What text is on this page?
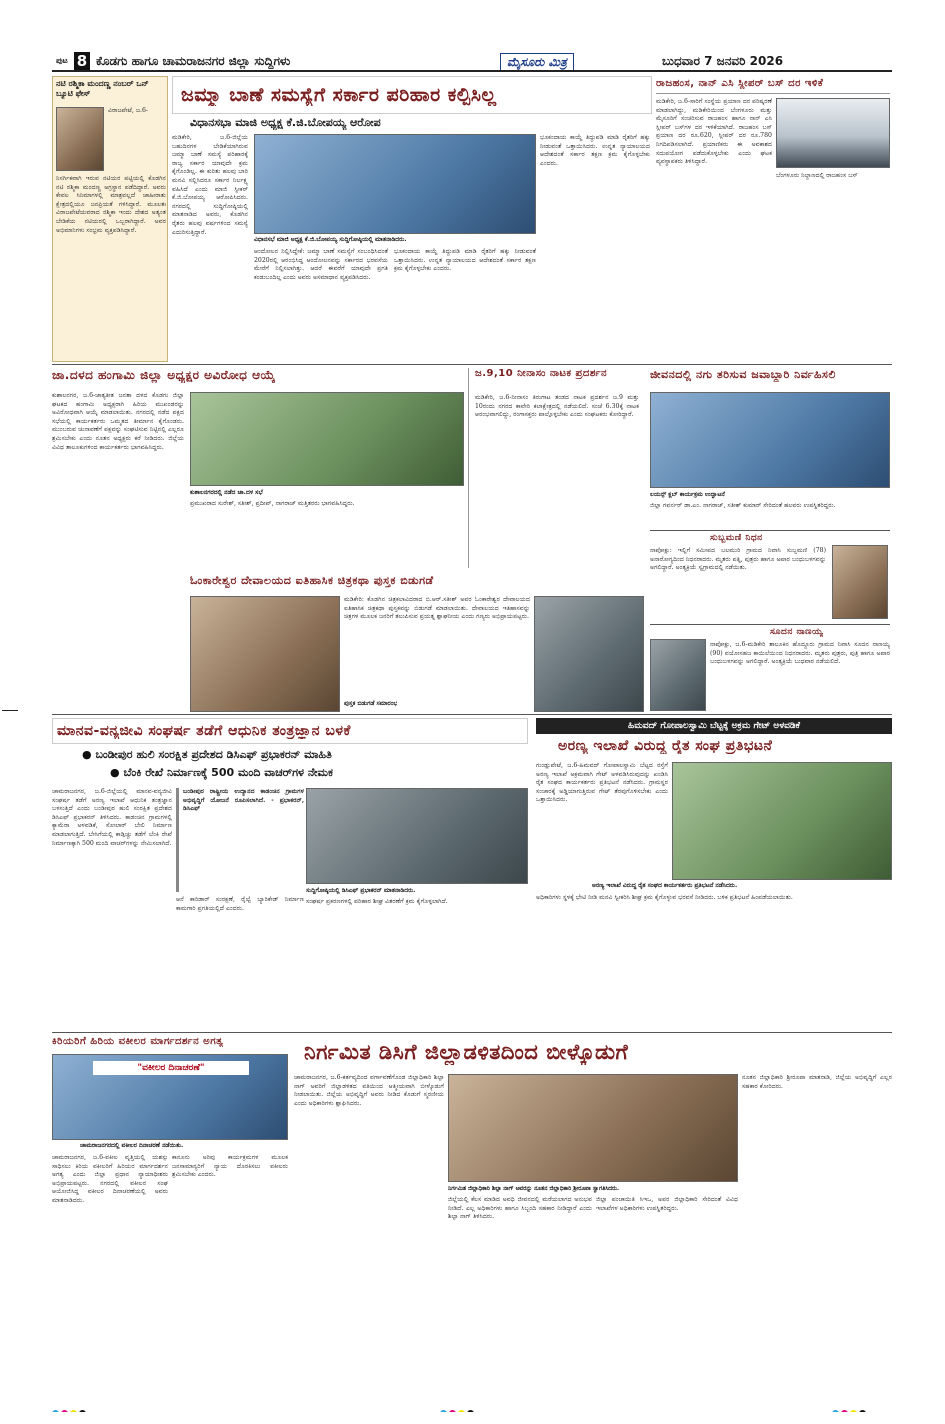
ಪುಟ 8 ಕೊಡಗು ಹಾಗೂ ಚಾಮರಾಜನಗರ ಜಿಲ್ಲಾ ಸುದ್ದಿಗಳು	ಮೈಸೂರು ಮಿತ್ರ	ಬುಧವಾರ 7 ಜನವರಿ 2026
ನಟಿ ರಶ್ಮಿಕಾ ಮಂದಣ್ಣ ನಂಬರ್ ಒನ್ ಬ್ಯೂಟಿ ಫೇಸ್
ವಿರಾಜಪೇಟೆ, ಜ.6-
ನಿಸರ್ಗಿಕವಾಗಿ ಇರುವ ನಟಿಯರ ಪಟ್ಟಿಯಲ್ಲಿ ಕೊಡಗಿನ ನಟಿ ರಶ್ಮಿಕಾ ಮಂದಣ್ಣ ಅಗ್ರಸ್ಥಾನ ಪಡೆದಿದ್ದಾರೆ. ಅವರು ಕೇವಲ ಸಿನಿಮಾಗಳಲ್ಲಿ ಮಾತ್ರವಲ್ಲದೆ ಜಾಹೀರಾತು ಕ್ಷೇತ್ರದಲ್ಲಿಯೂ ಜನಪ್ರಿಯತೆ ಗಳಿಸಿದ್ದಾರೆ. ಮೂಲತಃ ವಿರಾಜಪೇಟೆಯವರಾದ ರಶ್ಮಿಕಾ ಇಂದು ದೇಶದ ಅತ್ಯಂತ ಬೇಡಿಕೆಯ ನಟಿಯರಲ್ಲಿ ಒಬ್ಬರಾಗಿದ್ದಾರೆ. ಅವರ ಅಭಿಮಾನಿಗಳು ಸಂಭ್ರಮ ವ್ಯಕ್ತಪಡಿಸಿದ್ದಾರೆ.
ಜಮ್ಮಾ ಬಾಣೆ ಸಮಸ್ಯೆಗೆ ಸರ್ಕಾರ ಪರಿಹಾರ ಕಲ್ಪಿಸಿಲ್ಲ
ವಿಧಾನಸಭಾ ಮಾಜಿ ಅಧ್ಯಕ್ಷ ಕೆ.ಜಿ.ಬೋಪಯ್ಯ ಆರೋಪ
ಮಡಿಕೇರಿ, ಜ.6-ಜಿಲ್ಲೆಯ ಬಹುದಿನಗಳ ಬೇಡಿಕೆಯಾಗಿರುವ ಜಮ್ಮಾ ಬಾಣೆ ಸಮಸ್ಯೆ ಪರಿಹಾರಕ್ಕೆ ರಾಜ್ಯ ಸರ್ಕಾರ ಯಾವುದೇ ಕ್ರಮ ಕೈಗೊಂಡಿಲ್ಲ. ಈ ಕುರಿತು ಹಲವು ಬಾರಿ ಮನವಿ ಸಲ್ಲಿಸಿದರೂ ಸರ್ಕಾರ ನಿರ್ಲಕ್ಷ್ಯ ವಹಿಸಿದೆ ಎಂದು ಮಾಜಿ ಸ್ಪೀಕರ್ ಕೆ.ಜಿ.ಬೋಪಯ್ಯ ಆರೋಪಿಸಿದರು. ನಗರದಲ್ಲಿ ಸುದ್ದಿಗೋಷ್ಠಿಯಲ್ಲಿ ಮಾತನಾಡಿದ ಅವರು, ಕೊಡಗಿನ ರೈತರು ಹಲವು ವರ್ಷಗಳಿಂದ ಸಮಸ್ಯೆ ಎದುರಿಸುತ್ತಿದ್ದಾರೆ.
ವಿಧಾನಸಭೆ ಮಾಜಿ ಅಧ್ಯಕ್ಷ ಕೆ.ಜಿ.ಬೋಪಯ್ಯ ಸುದ್ದಿಗೋಷ್ಠಿಯಲ್ಲಿ ಮಾತನಾಡಿದರು.
ಆಂದೋಲನ ನಿಲ್ಲಿಸಿದ್ದೇಕೆ: ಜಮ್ಮಾ ಬಾಣೆ ಸಮಸ್ಯೆಗೆ ಸಂಬಂಧಿಸಿದಂತೆ 2020ರಲ್ಲಿ ಆರಂಭಿಸಿದ್ದ ಆಂದೋಲನವನ್ನು ಸರ್ಕಾರದ ಭರವಸೆಯ ಮೇರೆಗೆ ನಿಲ್ಲಿಸಲಾಗಿತ್ತು. ಆದರೆ ಈವರೆಗೆ ಯಾವುದೇ ಪ್ರಗತಿ ಕಂಡುಬಂದಿಲ್ಲ ಎಂದು ಅವರು ಅಸಮಾಧಾನ ವ್ಯಕ್ತಪಡಿಸಿದರು.
ಭೂಕಂದಾಯ ಕಾಯ್ದೆ ತಿದ್ದುಪಡಿ ಮಾಡಿ ರೈತರಿಗೆ ಹಕ್ಕು ನೀಡುವಂತೆ ಒತ್ತಾಯಿಸಿದರು. ಉನ್ನತ ನ್ಯಾಯಾಲಯದ ಆದೇಶದಂತೆ ಸರ್ಕಾರ ತಕ್ಷಣ ಕ್ರಮ ಕೈಗೊಳ್ಳಬೇಕು ಎಂದರು.
ಭೂಕಂದಾಯ ಕಾಯ್ದೆ ತಿದ್ದುಪಡಿ ಮಾಡಿ ರೈತರಿಗೆ ಹಕ್ಕು ನೀಡುವಂತೆ ಒತ್ತಾಯಿಸಿದರು. ಉನ್ನತ ನ್ಯಾಯಾಲಯದ ಆದೇಶದಂತೆ ಸರ್ಕಾರ ತಕ್ಷಣ ಕ್ರಮ ಕೈಗೊಳ್ಳಬೇಕು ಎಂದರು.
ರಾಜಹಂಸ, ನಾನ್ ಎಸಿ ಸ್ಲೀಪರ್ ಬಸ್ ದರ ಇಳಿಕೆ
ಮಡಿಕೇರಿ, ಜ.6-ಸಾರಿಗೆ ಸಂಸ್ಥೆಯ ಪ್ರಯಾಣ ದರ ಪರಿಷ್ಕರಣೆ ಮಾಡಲಾಗಿದ್ದು, ಮಡಿಕೇರಿಯಿಂದ ಬೆಂಗಳೂರು ಮತ್ತು ಮೈಸೂರಿಗೆ ಸಂಚರಿಸುವ ರಾಜಹಂಸ ಹಾಗೂ ನಾನ್ ಎಸಿ ಸ್ಲೀಪರ್ ಬಸ್‌ಗಳ ದರ ಇಳಿಕೆಯಾಗಿದೆ. ರಾಜಹಂಸ ಬಸ್ ಪ್ರಯಾಣ ದರ ರೂ.620, ಸ್ಲೀಪರ್ ದರ ರೂ.780 ನಿಗದಿಪಡಿಸಲಾಗಿದೆ. ಪ್ರಯಾಣಿಕರು ಈ ಅವಕಾಶದ ಸದುಪಯೋಗ ಪಡೆದುಕೊಳ್ಳಬೇಕು ಎಂದು ಘಟಕ ವ್ಯವಸ್ಥಾಪಕರು ತಿಳಿಸಿದ್ದಾರೆ.
ಬೆಂಗಳೂರು ನಿಲ್ದಾಣದಲ್ಲಿ ರಾಜಹಂಸ ಬಸ್
ಜಾ.ದಳದ ಹಂಗಾಮಿ ಜಿಲ್ಲಾ ಅಧ್ಯಕ್ಷರ ಅವಿರೋಧ ಆಯ್ಕೆ
ಕುಶಾಲನಗರ, ಜ.6-ಜಾತ್ಯತೀತ ಜನತಾ ದಳದ ಕೊಡಗು ಜಿಲ್ಲಾ ಘಟಕದ ಹಂಗಾಮಿ ಅಧ್ಯಕ್ಷರಾಗಿ ಹಿರಿಯ ಮುಖಂಡರನ್ನು ಅವಿರೋಧವಾಗಿ ಆಯ್ಕೆ ಮಾಡಲಾಯಿತು. ನಗರದಲ್ಲಿ ನಡೆದ ಪಕ್ಷದ ಸಭೆಯಲ್ಲಿ ಕಾರ್ಯಕರ್ತರು ಒಮ್ಮತದ ತೀರ್ಮಾನ ಕೈಗೊಂಡರು. ಮುಂಬರುವ ಚುನಾವಣೆಗೆ ಪಕ್ಷವನ್ನು ಸಂಘಟಿಸುವ ನಿಟ್ಟಿನಲ್ಲಿ ಎಲ್ಲರೂ ಶ್ರಮಿಸಬೇಕು ಎಂದು ನೂತನ ಅಧ್ಯಕ್ಷರು ಕರೆ ನೀಡಿದರು. ಜಿಲ್ಲೆಯ ವಿವಿಧ ತಾಲೂಕುಗಳಿಂದ ಕಾರ್ಯಕರ್ತರು ಭಾಗವಹಿಸಿದ್ದರು.
ಕುಶಾಲನಗರದಲ್ಲಿ ನಡೆದ ಜಾ.ದಳ ಸಭೆ
ಪ್ರಮುಖರಾದ ಸುರೇಶ್, ಸತೀಶ್, ಪ್ರದೀಪ್, ನಾಗರಾಜ್ ಮತ್ತಿತರರು ಭಾಗವಹಿಸಿದ್ದರು.
ಜ.9,10 ನೀನಾಸಂ ನಾಟಕ ಪ್ರದರ್ಶನ
ಮಡಿಕೇರಿ, ಜ.6-ನೀನಾಸಂ ತಿರುಗಾಟ ತಂಡದ ನಾಟಕ ಪ್ರದರ್ಶನ ಜ.9 ಮತ್ತು 10ರಂದು ನಗರದ ಕಾವೇರಿ ಕಲಾಕ್ಷೇತ್ರದಲ್ಲಿ ನಡೆಯಲಿದೆ. ಸಂಜೆ 6.30ಕ್ಕೆ ನಾಟಕ ಆರಂಭವಾಗಲಿದ್ದು, ರಂಗಾಸಕ್ತರು ಪಾಲ್ಗೊಳ್ಳಬೇಕು ಎಂದು ಸಂಘಟಕರು ಕೋರಿದ್ದಾರೆ.
ಜೀವನದಲ್ಲಿ ನಗು ತರಿಸುವ ಜವಾಬ್ದಾರಿ ನಿರ್ವಹಿಸಲಿ
ಲಯನ್ಸ್ ಕ್ಲಬ್ ಕಾರ್ಯಕ್ರಮ ಉದ್ಘಾಟನೆ
ಜಿಲ್ಲಾ ಗವರ್ನರ್ ಡಾ.ಎಂ. ನಾಗರಾಜ್, ಸತೀಶ್ ಕುಮಾರ್ ಸೇರಿದಂತೆ ಹಲವರು ಉಪಸ್ಥಿತರಿದ್ದರು.
ಸುಬ್ಬಮಣಿ ನಿಧನ
ನಾಪೋಕ್ಲು: ಇಲ್ಲಿಗೆ ಸಮೀಪದ ಬಲಮುರಿ ಗ್ರಾಮದ ನಿವಾಸಿ ಸುಬ್ಬಮಣಿ (78) ಅನಾರೋಗ್ಯದಿಂದ ನಿಧನರಾದರು. ಮೃತರು ಪತ್ನಿ, ಪುತ್ರರು ಹಾಗೂ ಅಪಾರ ಬಂಧುಬಳಗವನ್ನು ಅಗಲಿದ್ದಾರೆ. ಅಂತ್ಯಕ್ರಿಯೆ ಸ್ವಗ್ರಾಮದಲ್ಲಿ ನಡೆಯಿತು.
ಸೂದನ ನಾಣಯ್ಯ
ನಾಪೋಕ್ಲು, ಜ.6-ಮಡಿಕೇರಿ ತಾಲೂಕಿನ ಹೊದ್ದೂರು ಗ್ರಾಮದ ನಿವಾಸಿ ಸೂದನ ನಾಣಯ್ಯ (90) ವಯೋಸಹಜ ಕಾಯಿಲೆಯಿಂದ ನಿಧನರಾದರು. ಮೃತರು ಪುತ್ರರು, ಪುತ್ರಿ ಹಾಗೂ ಅಪಾರ ಬಂಧುಬಳಗವನ್ನು ಅಗಲಿದ್ದಾರೆ. ಅಂತ್ಯಕ್ರಿಯೆ ಬುಧವಾರ ನಡೆಯಲಿದೆ.
ಓಂಕಾರೇಶ್ವರ ದೇವಾಲಯದ ಐತಿಹಾಸಿಕ ಚಿತ್ರಕಥಾ ಪುಸ್ತಕ ಬಿಡುಗಡೆ
ಮಡಿಕೇರಿ: ಕೊಡಗಿನ ಚಿತ್ರಕಲಾವಿದರಾದ ಬಿ.ಆರ್.ಸತೀಶ್ ಅವರ ಓಂಕಾರೇಶ್ವರ ದೇವಾಲಯದ ಐತಿಹಾಸಿಕ ಚಿತ್ರಕಥಾ ಪುಸ್ತಕವನ್ನು ಬಿಡುಗಡೆ ಮಾಡಲಾಯಿತು. ದೇವಾಲಯದ ಇತಿಹಾಸವನ್ನು ಚಿತ್ರಗಳ ಮೂಲಕ ಜನರಿಗೆ ತಲುಪಿಸುವ ಪ್ರಯತ್ನ ಶ್ಲಾಘನೀಯ ಎಂದು ಗಣ್ಯರು ಅಭಿಪ್ರಾಯಪಟ್ಟರು.
ಪುಸ್ತಕ ಬಿಡುಗಡೆ ಸಮಾರಂಭ
ಮಾನವ-ವನ್ಯಜೀವಿ ಸಂಘರ್ಷ ತಡೆಗೆ ಆಧುನಿಕ ತಂತ್ರಜ್ಞಾನ ಬಳಕೆ
● ಬಂಡೀಪುರ ಹುಲಿ ಸಂರಕ್ಷಿತ ಪ್ರದೇಶದ ಡಿಸಿಎಫ್ ಪ್ರಭಾಕರನ್ ಮಾಹಿತಿ
● ಬೆಂಕಿ ರೇಖೆ ನಿರ್ಮಾಣಕ್ಕೆ 500 ಮಂದಿ ವಾಚರ್‌ಗಳ ನೇಮಕ
ಚಾಮರಾಜನಗರ, ಜ.6-ಜಿಲ್ಲೆಯಲ್ಲಿ ಮಾನವ-ವನ್ಯಜೀವಿ ಸಂಘರ್ಷ ತಡೆಗೆ ಅರಣ್ಯ ಇಲಾಖೆ ಆಧುನಿಕ ತಂತ್ರಜ್ಞಾನ ಬಳಸುತ್ತಿದೆ ಎಂದು ಬಂಡೀಪುರ ಹುಲಿ ಸಂರಕ್ಷಿತ ಪ್ರದೇಶದ ಡಿಸಿಎಫ್ ಪ್ರಭಾಕರನ್ ತಿಳಿಸಿದರು. ಕಾಡಂಚಿನ ಗ್ರಾಮಗಳಲ್ಲಿ ಕ್ಯಾಮೆರಾ ಅಳವಡಿಕೆ, ಸೋಲಾರ್ ಬೇಲಿ ನಿರ್ಮಾಣ ಮಾಡಲಾಗುತ್ತಿದೆ. ಬೇಸಿಗೆಯಲ್ಲಿ ಕಾಡ್ಗಿಚ್ಚು ತಡೆಗೆ ಬೆಂಕಿ ರೇಖೆ ನಿರ್ಮಾಣಕ್ಕಾಗಿ 500 ಮಂದಿ ವಾಚರ್‌ಗಳನ್ನು ನೇಮಿಸಲಾಗಿದೆ.
ಬಂಡೀಪುರ ರಾಷ್ಟ್ರೀಯ ಉದ್ಯಾನದ ಕಾಡಂಚಿನ ಗ್ರಾಮಗಳ ಅಭಿವೃದ್ಧಿಗೆ ಯೋಜನೆ ರೂಪಿಸಲಾಗಿದೆ. - ಪ್ರಭಾಕರನ್, ಡಿಸಿಎಫ್
ಸುದ್ದಿಗೋಷ್ಠಿಯಲ್ಲಿ ಡಿಸಿಎಫ್ ಪ್ರಭಾಕರನ್ ಮಾತನಾಡಿದರು.
ಆನೆ ಕಾರಿಡಾರ್ ಸಂರಕ್ಷಣೆ, ರೈಲ್ವೆ ಬ್ಯಾರಿಕೇಡ್ ನಿರ್ಮಾಣ ಕಾಮಗಾರಿ ಪ್ರಗತಿಯಲ್ಲಿದೆ ಎಂದರು.
ಸಂಘರ್ಷ ಪ್ರಕರಣಗಳಲ್ಲಿ ಪರಿಹಾರ ಶೀಘ್ರ ವಿತರಣೆಗೆ ಕ್ರಮ ಕೈಗೊಳ್ಳಲಾಗಿದೆ.
ಹಿಮವದ್ ಗೋಪಾಲಸ್ವಾಮಿ ಬೆಟ್ಟಕ್ಕೆ ಅಕ್ರಮ ಗೇಟ್ ಅಳವಡಿಕೆ
ಅರಣ್ಯ ಇಲಾಖೆ ವಿರುದ್ಧ ರೈತ ಸಂಘ ಪ್ರತಿಭಟನೆ
ಗುಂಡ್ಲುಪೇಟೆ, ಜ.6-ಹಿಮವದ್ ಗೋಪಾಲಸ್ವಾಮಿ ಬೆಟ್ಟದ ರಸ್ತೆಗೆ ಅರಣ್ಯ ಇಲಾಖೆ ಅಕ್ರಮವಾಗಿ ಗೇಟ್ ಅಳವಡಿಸಿರುವುದನ್ನು ಖಂಡಿಸಿ ರೈತ ಸಂಘದ ಕಾರ್ಯಕರ್ತರು ಪ್ರತಿಭಟನೆ ನಡೆಸಿದರು. ಗ್ರಾಮಸ್ಥರ ಸಂಚಾರಕ್ಕೆ ಅಡ್ಡಿಯಾಗುತ್ತಿರುವ ಗೇಟ್ ತೆರವುಗೊಳಿಸಬೇಕು ಎಂದು ಒತ್ತಾಯಿಸಿದರು.
ಅರಣ್ಯ ಇಲಾಖೆ ವಿರುದ್ಧ ರೈತ ಸಂಘದ ಕಾರ್ಯಕರ್ತರು ಪ್ರತಿಭಟನೆ ನಡೆಸಿದರು.
ಅಧಿಕಾರಿಗಳು ಸ್ಥಳಕ್ಕೆ ಭೇಟಿ ನೀಡಿ ಮನವಿ ಸ್ವೀಕರಿಸಿ ಶೀಘ್ರ ಕ್ರಮ ಕೈಗೊಳ್ಳುವ ಭರವಸೆ ನೀಡಿದರು. ಬಳಿಕ ಪ್ರತಿಭಟನೆ ಹಿಂಪಡೆಯಲಾಯಿತು.
ಕಿರಿಯರಿಗೆ ಹಿರಿಯ ವಕೀಲರ ಮಾರ್ಗದರ್ಶನ ಅಗತ್ಯ
"ವಕೀಲರ ದಿನಾಚರಣೆ"
ಚಾಮರಾಜನಗರದಲ್ಲಿ ವಕೀಲರ ದಿನಾಚರಣೆ ನಡೆಯಿತು.
ಚಾಮರಾಜನಗರ, ಜ.6-ವಕೀಲ ವೃತ್ತಿಯಲ್ಲಿ ಯಶಸ್ಸು ಸಾಧಿಸಲು ಕಿರಿಯ ವಕೀಲರಿಗೆ ಹಿರಿಯರ ಮಾರ್ಗದರ್ಶನ ಅಗತ್ಯ ಎಂದು ಜಿಲ್ಲಾ ಪ್ರಧಾನ ನ್ಯಾಯಾಧೀಶರು ಅಭಿಪ್ರಾಯಪಟ್ಟರು. ನಗರದಲ್ಲಿ ವಕೀಲರ ಸಂಘ ಆಯೋಜಿಸಿದ್ದ ವಕೀಲರ ದಿನಾಚರಣೆಯಲ್ಲಿ ಅವರು ಮಾತನಾಡಿದರು.
ಕಾನೂನು ಅರಿವು ಕಾರ್ಯಕ್ರಮಗಳ ಮೂಲಕ ಜನಸಾಮಾನ್ಯರಿಗೆ ನ್ಯಾಯ ದೊರಕಿಸಲು ವಕೀಲರು ಶ್ರಮಿಸಬೇಕು ಎಂದರು.
ನಿರ್ಗಮಿತ ಡಿಸಿಗೆ ಜಿಲ್ಲಾಡಳಿತದಿಂದ ಬೀಳ್ಕೊಡುಗೆ
ಚಾಮರಾಜನಗರ, ಜ.6-ಕರ್ತವ್ಯದಿಂದ ವರ್ಗಾವಣೆಗೊಂಡ ಜಿಲ್ಲಾಧಿಕಾರಿ ಶಿಲ್ಪಾ ನಾಗ್ ಅವರಿಗೆ ಜಿಲ್ಲಾಡಳಿತದ ವತಿಯಿಂದ ಆತ್ಮೀಯವಾಗಿ ಬೀಳ್ಕೊಡುಗೆ ನೀಡಲಾಯಿತು. ಜಿಲ್ಲೆಯ ಅಭಿವೃದ್ಧಿಗೆ ಅವರು ನೀಡಿದ ಕೊಡುಗೆ ಸ್ಮರಣೀಯ ಎಂದು ಅಧಿಕಾರಿಗಳು ಶ್ಲಾಘಿಸಿದರು.
ನಿರ್ಗಮಿತ ಜಿಲ್ಲಾಧಿಕಾರಿ ಶಿಲ್ಪಾ ನಾಗ್ ಅವರನ್ನು ನೂತನ ಜಿಲ್ಲಾಧಿಕಾರಿ ಶ್ರೀರೂಪಾ ಸ್ವಾಗತಿಸಿದರು.
ಜಿಲ್ಲೆಯಲ್ಲಿ ಕೆಲಸ ಮಾಡಿದ ಅವಧಿ ಜೀವನದಲ್ಲಿ ಮರೆಯಲಾಗದ ಅನುಭವ ನೀಡಿದೆ. ಎಲ್ಲ ಅಧಿಕಾರಿಗಳು ಹಾಗೂ ಸಿಬ್ಬಂದಿ ಸಹಕಾರ ನೀಡಿದ್ದಾರೆ ಎಂದು ಶಿಲ್ಪಾ ನಾಗ್ ತಿಳಿಸಿದರು.
ಜಿಲ್ಲಾ ಪಂಚಾಯಿತಿ ಸಿಇಒ, ಅಪರ ಜಿಲ್ಲಾಧಿಕಾರಿ ಸೇರಿದಂತೆ ವಿವಿಧ ಇಲಾಖೆಗಳ ಅಧಿಕಾರಿಗಳು ಉಪಸ್ಥಿತರಿದ್ದರು.
ನೂತನ ಜಿಲ್ಲಾಧಿಕಾರಿ ಶ್ರೀರೂಪಾ ಮಾತನಾಡಿ, ಜಿಲ್ಲೆಯ ಅಭಿವೃದ್ಧಿಗೆ ಎಲ್ಲರ ಸಹಕಾರ ಕೋರಿದರು.
